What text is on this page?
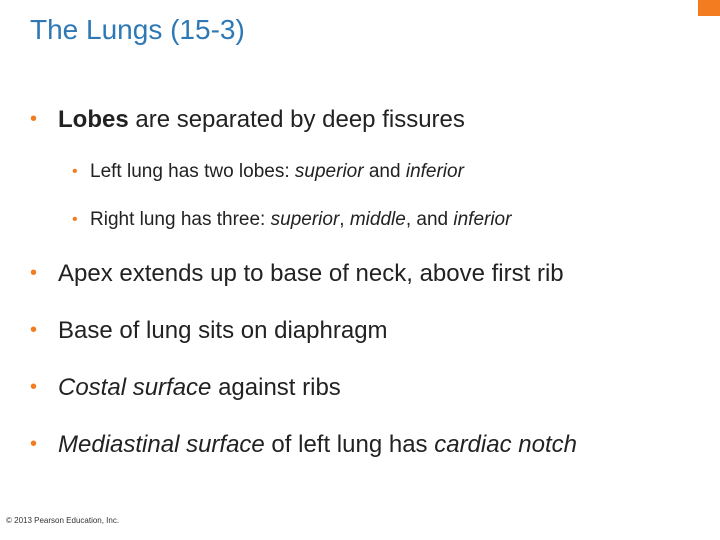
The Lungs (15-3)
• Lobes are separated by deep fissures
• Left lung has two lobes: superior and inferior
• Right lung has three: superior, middle, and inferior
• Apex extends up to base of neck, above first rib
• Base of lung sits on diaphragm
• Costal surface against ribs
• Mediastinal surface of left lung has cardiac notch
© 2013 Pearson Education, Inc.
